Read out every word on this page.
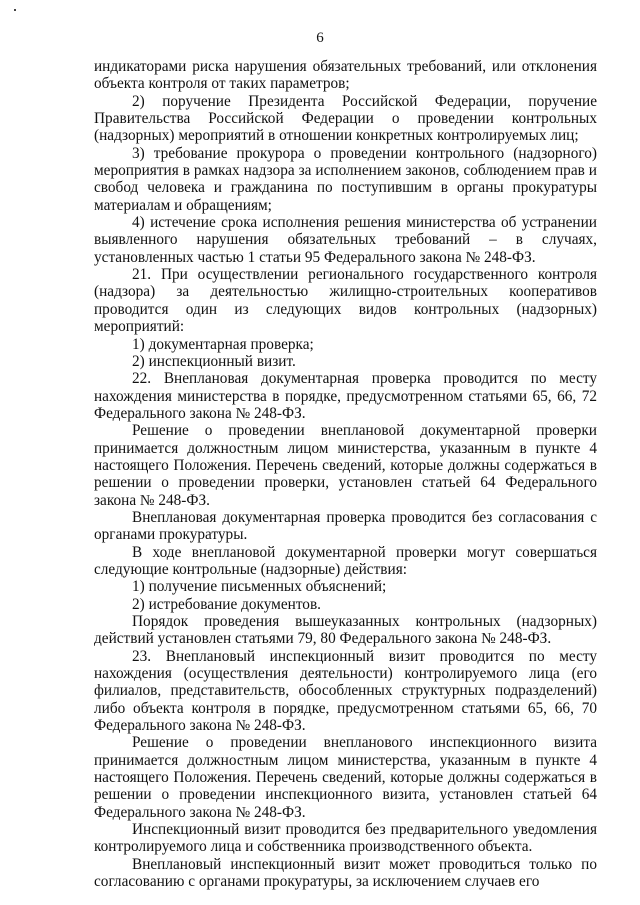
6

индикаторами риска нарушения обязательных требований, или отклонения объекта контроля от таких параметров;

2) поручение Президента Российской Федерации, поручение Правительства Российской Федерации о проведении контрольных (надзорных) мероприятий в отношении конкретных контролируемых лиц;

3) требование прокурора о проведении контрольного (надзорного) мероприятия в рамках надзора за исполнением законов, соблюдением прав и свобод человека и гражданина по поступившим в органы прокуратуры материалам и обращениям;

4) истечение срока исполнения решения министерства об устранении выявленного нарушения обязательных требований – в случаях, установленных частью 1 статьи 95 Федерального закона № 248-ФЗ.

21. При осуществлении регионального государственного контроля (надзора) за деятельностью жилищно-строительных кооперативов проводится один из следующих видов контрольных (надзорных) мероприятий:

1) документарная проверка;

2) инспекционный визит.

22. Внеплановая документарная проверка проводится по месту нахождения министерства в порядке, предусмотренном статьями 65, 66, 72 Федерального закона № 248-ФЗ.

Решение о проведении внеплановой документарной проверки принимается должностным лицом министерства, указанным в пункте 4 настоящего Положения. Перечень сведений, которые должны содержаться в решении о проведении проверки, установлен статьей 64 Федерального закона № 248-ФЗ.

Внеплановая документарная проверка проводится без согласования с органами прокуратуры.

В ходе внеплановой документарной проверки могут совершаться следующие контрольные (надзорные) действия:

1) получение письменных объяснений;

2) истребование документов.

Порядок проведения вышеуказанных контрольных (надзорных) действий установлен статьями 79, 80 Федерального закона № 248-ФЗ.

23. Внеплановый инспекционный визит проводится по месту нахождения (осуществления деятельности) контролируемого лица (его филиалов, представительств, обособленных структурных подразделений) либо объекта контроля в порядке, предусмотренном статьями 65, 66, 70 Федерального закона № 248-ФЗ.

Решение о проведении внепланового инспекционного визита принимается должностным лицом министерства, указанным в пункте 4 настоящего Положения. Перечень сведений, которые должны содержаться в решении о проведении инспекционного визита, установлен статьей 64 Федерального закона № 248-ФЗ.

Инспекционный визит проводится без предварительного уведомления контролируемого лица и собственника производственного объекта.

Внеплановый инспекционный визит может проводиться только по согласованию с органами прокуратуры, за исключением случаев его
